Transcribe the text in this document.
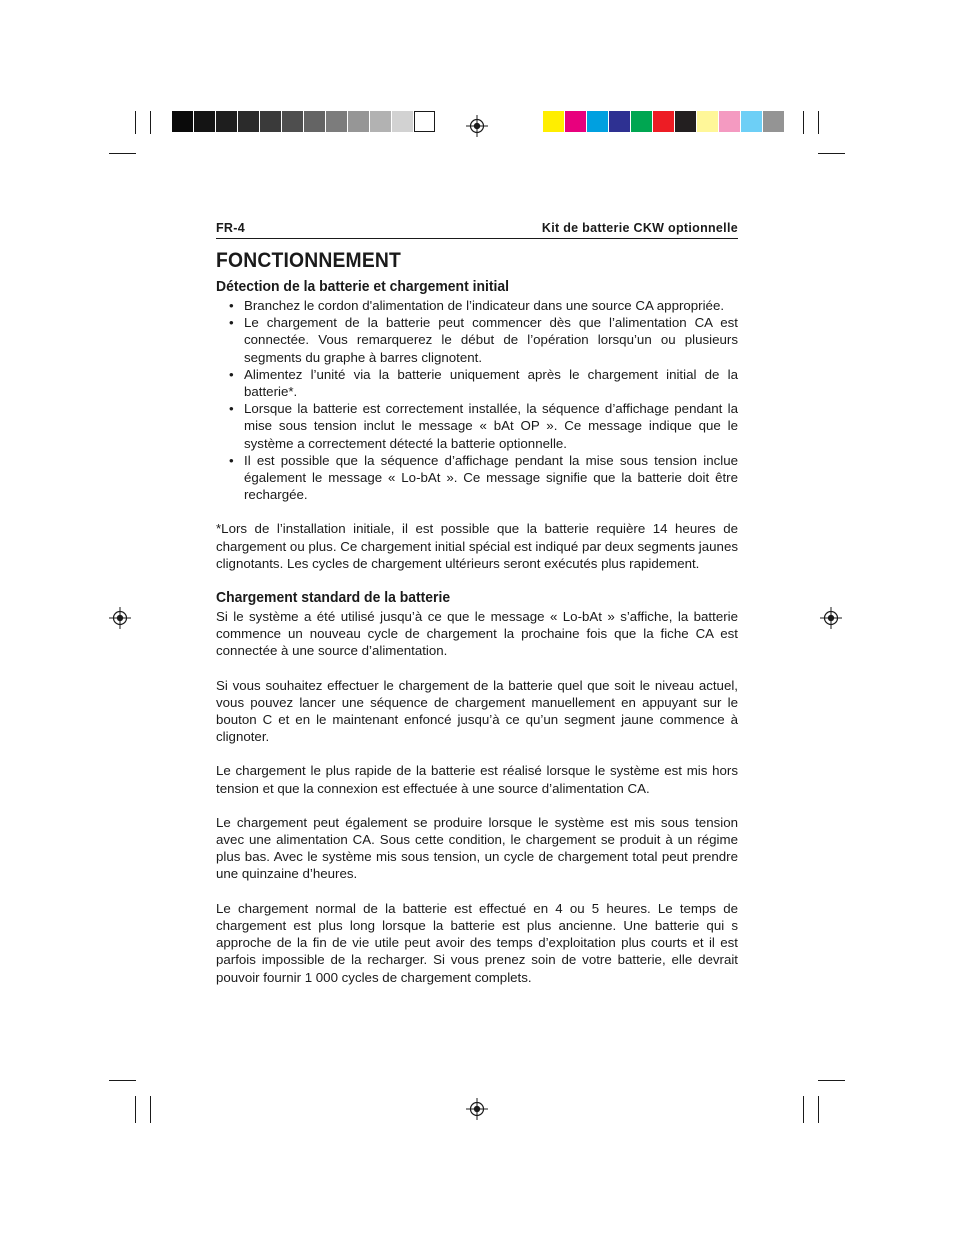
FR-4	Kit de batterie CKW optionnelle
FONCTIONNEMENT
Détection de la batterie et chargement initial
• Branchez le cordon d'alimentation de l’indicateur dans une source CA appropriée.
• Le chargement de la batterie peut commencer dès que l’alimentation CA est connectée. Vous remarquerez le début de l’opération lorsqu’un ou plusieurs segments du graphe à barres clignotent.
• Alimentez l’unité via la batterie uniquement après le chargement initial de la batterie*.
• Lorsque la batterie est correctement installée, la séquence d’affichage pendant la mise sous tension inclut le message « bAt OP ». Ce message indique que le système a correctement détecté la batterie optionnelle.
• Il est possible que la séquence d’affichage pendant la mise sous tension inclue également le message « Lo-bAt ». Ce message signifie que la batterie doit être rechargée.

*Lors de l’installation initiale, il est possible que la batterie requière 14 heures de chargement ou plus. Ce chargement initial spécial est indiqué par deux segments jaunes clignotants. Les cycles de chargement ultérieurs seront exécutés plus rapidement.

Chargement standard de la batterie

Si le système a été utilisé jusqu’à ce que le message « Lo-bAt » s’affiche, la batterie commence un nouveau cycle de chargement la prochaine fois que la fiche CA est connectée à une source d’alimentation.

Si vous souhaitez effectuer le chargement de la batterie quel que soit le niveau actuel, vous pouvez lancer une séquence de chargement manuellement en appuyant sur le bouton C et en le maintenant enfoncé jusqu’à ce qu’un segment jaune commence à clignoter.

Le chargement le plus rapide de la batterie est réalisé lorsque le système est mis hors tension et que la connexion est effectuée à une source d’alimentation CA.

Le chargement peut également se produire lorsque le système est mis sous tension avec une alimentation CA. Sous cette condition, le chargement se produit à un régime plus bas. Avec le système mis sous tension, un cycle de chargement total peut prendre une quinzaine d’heures.

Le chargement normal de la batterie est effectué en 4 ou 5 heures. Le temps de chargement est plus long lorsque la batterie est plus ancienne. Une batterie qui s approche de la fin de vie utile peut avoir des temps d’exploitation plus courts et il est parfois impossible de la recharger. Si vous prenez soin de votre batterie, elle devrait pouvoir fournir 1 000 cycles de chargement complets.
